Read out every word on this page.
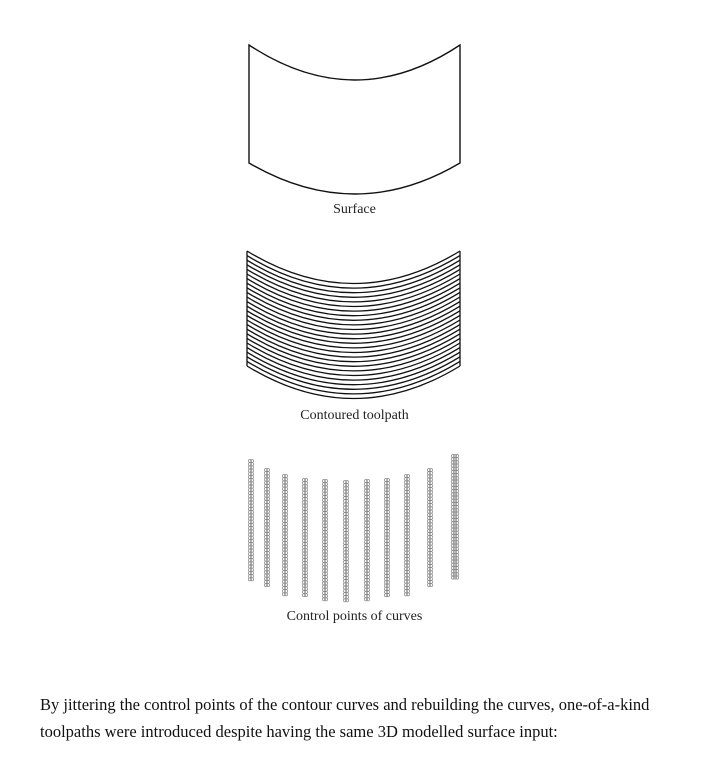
Surface
Contoured toolpath
Control points of curves
By jittering the control points of the contour curves and rebuilding the curves, one-of-a-kind toolpaths were introduced despite having the same 3D modelled surface input:
